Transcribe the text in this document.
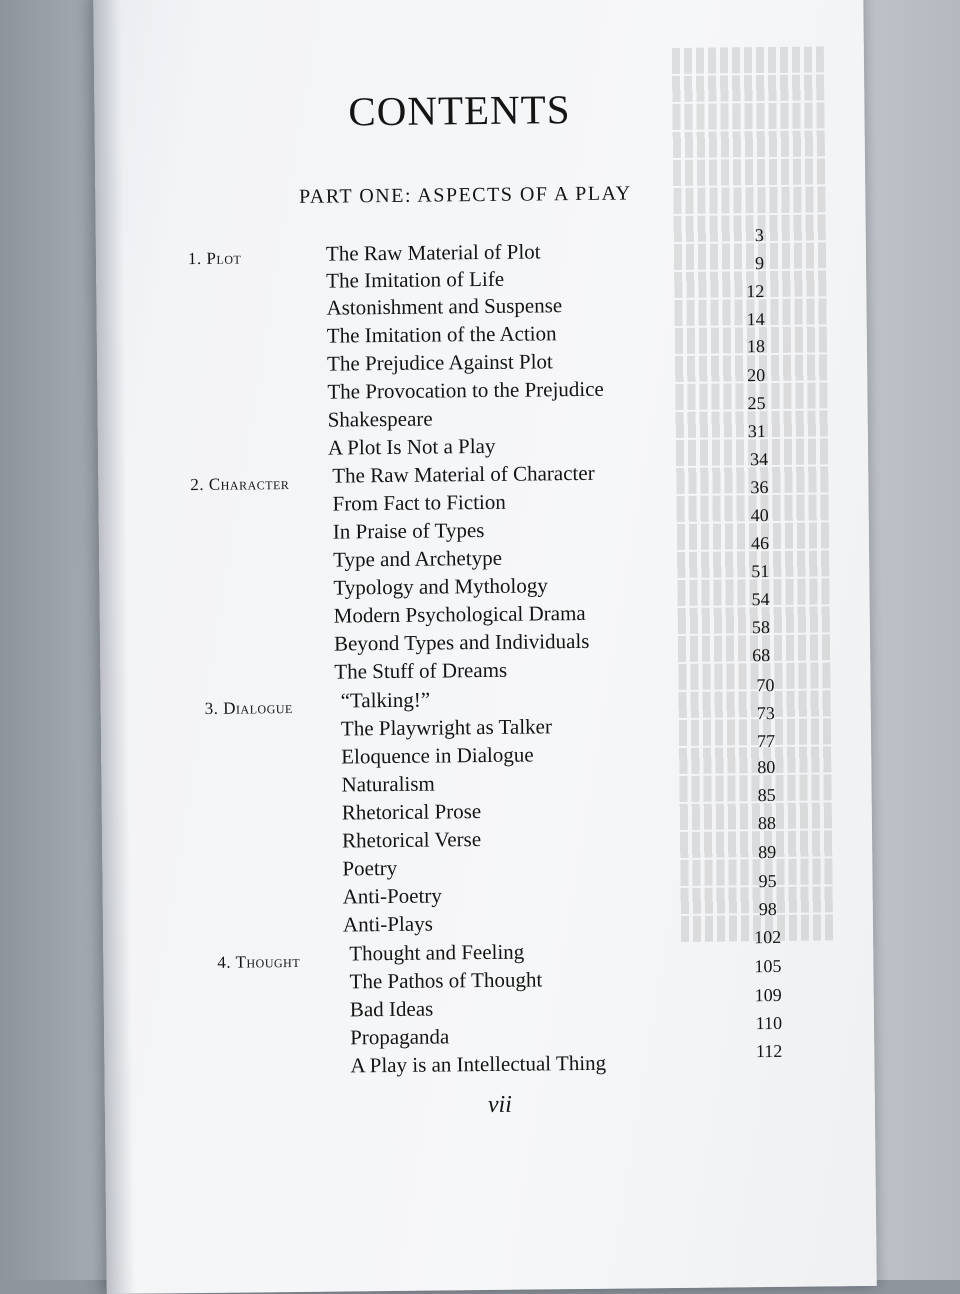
CONTENTS
PART ONE: ASPECTS OF A PLAY
1. Plot
2. Character
3. Dialogue
4. Thought
The Raw Material of Plot
3
The Imitation of Life
9
Astonishment and Suspense
12
The Imitation of the Action
14
The Prejudice Against Plot
18
The Provocation to the Prejudice
20
Shakespeare
25
A Plot Is Not a Play
31
The Raw Material of Character
34
From Fact to Fiction
36
In Praise of Types
40
Type and Archetype
46
Typology and Mythology
51
Modern Psychological Drama
54
Beyond Types and Individuals
58
The Stuff of Dreams
68
“Talking!”
70
The Playwright as Talker
73
Eloquence in Dialogue
77
Naturalism
80
Rhetorical Prose
85
Rhetorical Verse
88
Poetry
89
Anti-Poetry
95
Anti-Plays
98
Thought and Feeling
102
The Pathos of Thought
105
Bad Ideas
109
Propaganda
110
A Play is an Intellectual Thing	112
vii
